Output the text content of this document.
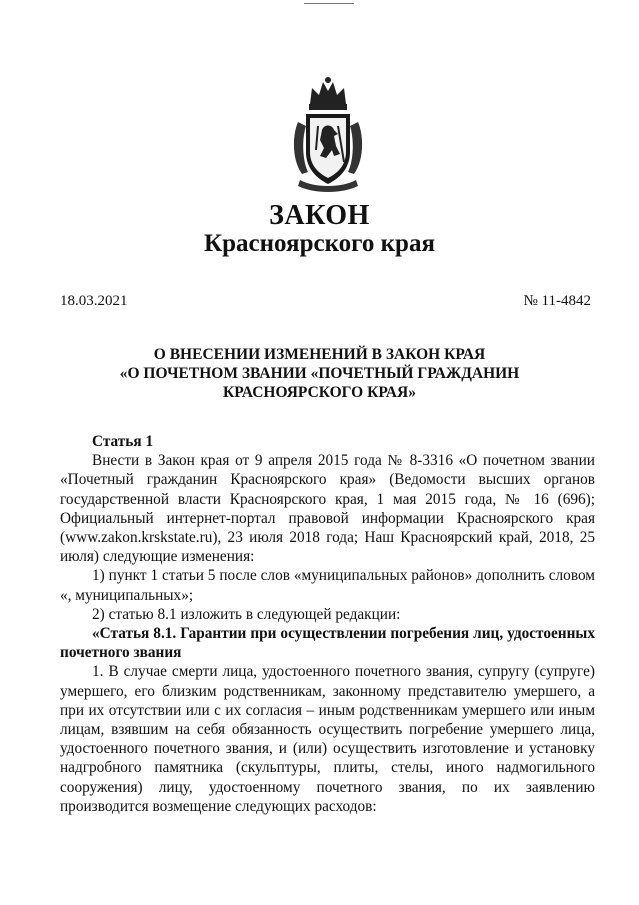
ЗАКОН
Красноярского края
18.03.2021	№ 11-4842
О ВНЕСЕНИИ ИЗМЕНЕНИЙ В ЗАКОН КРАЯ
«О ПОЧЕТНОМ ЗВАНИИ «ПОЧЕТНЫЙ ГРАЖДАНИН
КРАСНОЯРСКОГО КРАЯ»

Статья 1

Внести в Закон края от 9 апреля 2015 года № 8-3316 «О почетном звании «Почетный гражданин Красноярского края» (Ведомости высших органов государственной власти Красноярского края, 1 мая 2015 года, № 16 (696); Официальный интернет-портал правовой информации Красноярского края (www.zakon.krskstate.ru), 23 июля 2018 года; Наш Красноярский край, 2018, 25 июля) следующие изменения:

1) пункт 1 статьи 5 после слов «муниципальных районов» дополнить словом «, муниципальных»;

2) статью 8.1 изложить в следующей редакции:

«Статья 8.1. Гарантии при осуществлении погребения лиц, удостоенных почетного звания

1. В случае смерти лица, удостоенного почетного звания, супругу (супруге) умершего, его близким родственникам, законному представителю умершего, а при их отсутствии или с их согласия – иным родственникам умершего или иным лицам, взявшим на себя обязанность осуществить погребение умершего лица, удостоенного почетного звания, и (или) осуществить изготовление и установку надгробного памятника (скульптуры, плиты, стелы, иного надмогильного сооружения) лицу, удостоенному почетного звания, по их заявлению производится возмещение следующих расходов:
